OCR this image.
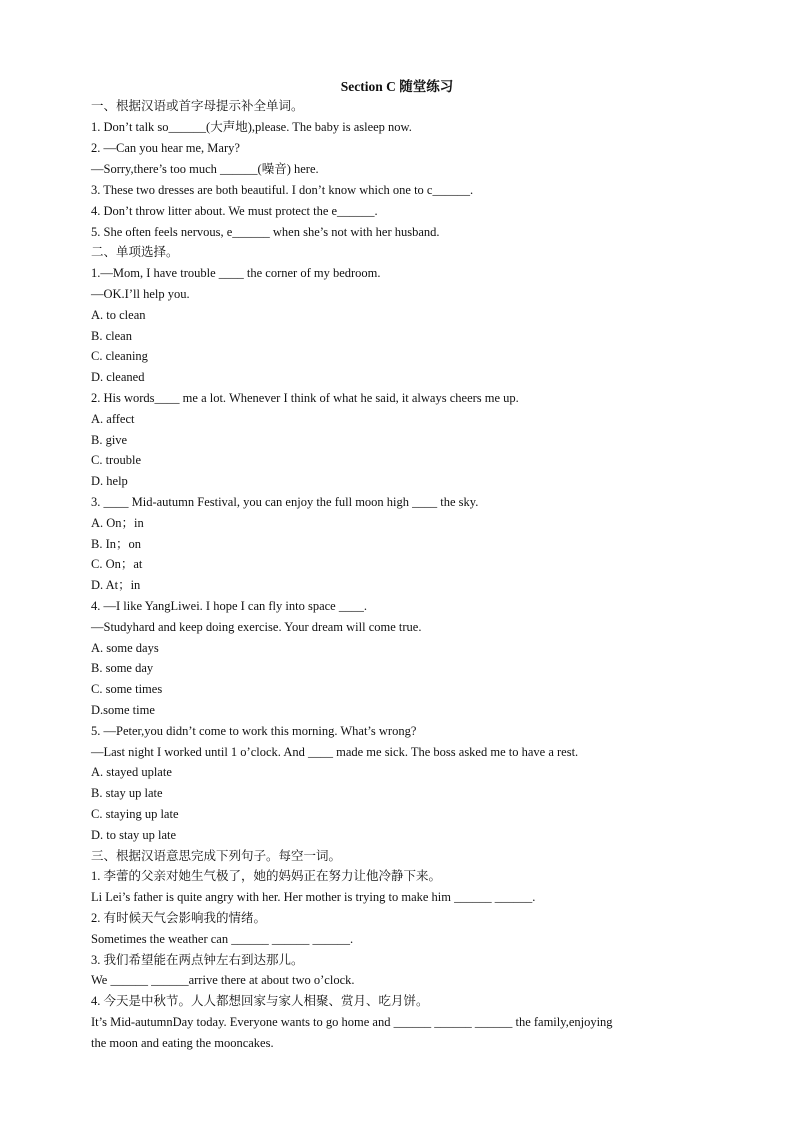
Section C 随堂练习
一、根据汉语或首字母提示补全单词。
1. Don’t talk so______(大声地),please. The baby is asleep now.
2. —Can you hear me, Mary?
—Sorry,there’s too much ______(噪音) here.
3. These two dresses are both beautiful. I don’t know which one to c______.
4. Don’t throw litter about. We must protect the e______.
5. She often feels nervous, e______ when she’s not with her husband.
二、单项选择。
1.—Mom, I have trouble ____ the corner of my bedroom.
—OK.I’ll help you.
A. to clean
B. clean
C. cleaning
D. cleaned
2. His words____ me a lot. Whenever I think of what he said, it always cheers me up.
A. affect
B. give
C. trouble
D. help
3. ____ Mid-autumn Festival, you can enjoy the full moon high ____ the sky.
A. On；in
B. In；on
C. On；at
D. At；in
4. —I like YangLiwei. I hope I can fly into space ____.
—Studyhard and keep doing exercise. Your dream will come true.
A. some days
B. some day
C. some times
D.some time
5. —Peter,you didn’t come to work this morning. What’s wrong?
—Last night I worked until 1 o’clock. And ____ made me sick. The boss asked me to have a rest.
A. stayed uplate
B. stay up late
C. staying up late
D. to stay up late
三、根据汉语意思完成下列句子。每空一词。
1. 李蕾的父亲对她生气极了，她的妈妈正在努力让他冷静下来。
Li Lei’s father is quite angry with her. Her mother is trying to make him ______ ______.
2. 有时候天气会影响我的情绪。
Sometimes the weather can ______ ______ ______.
3. 我们希望能在两点钟左右到达那儿。
We ______ ______arrive there at about two o’clock.
4. 今天是中秋节。人人都想回家与家人相聚、赏月、吃月饼。
It’s Mid-autumnDay today. Everyone wants to go home and ______ ______ ______ the family,enjoying
the moon and eating the mooncakes.
